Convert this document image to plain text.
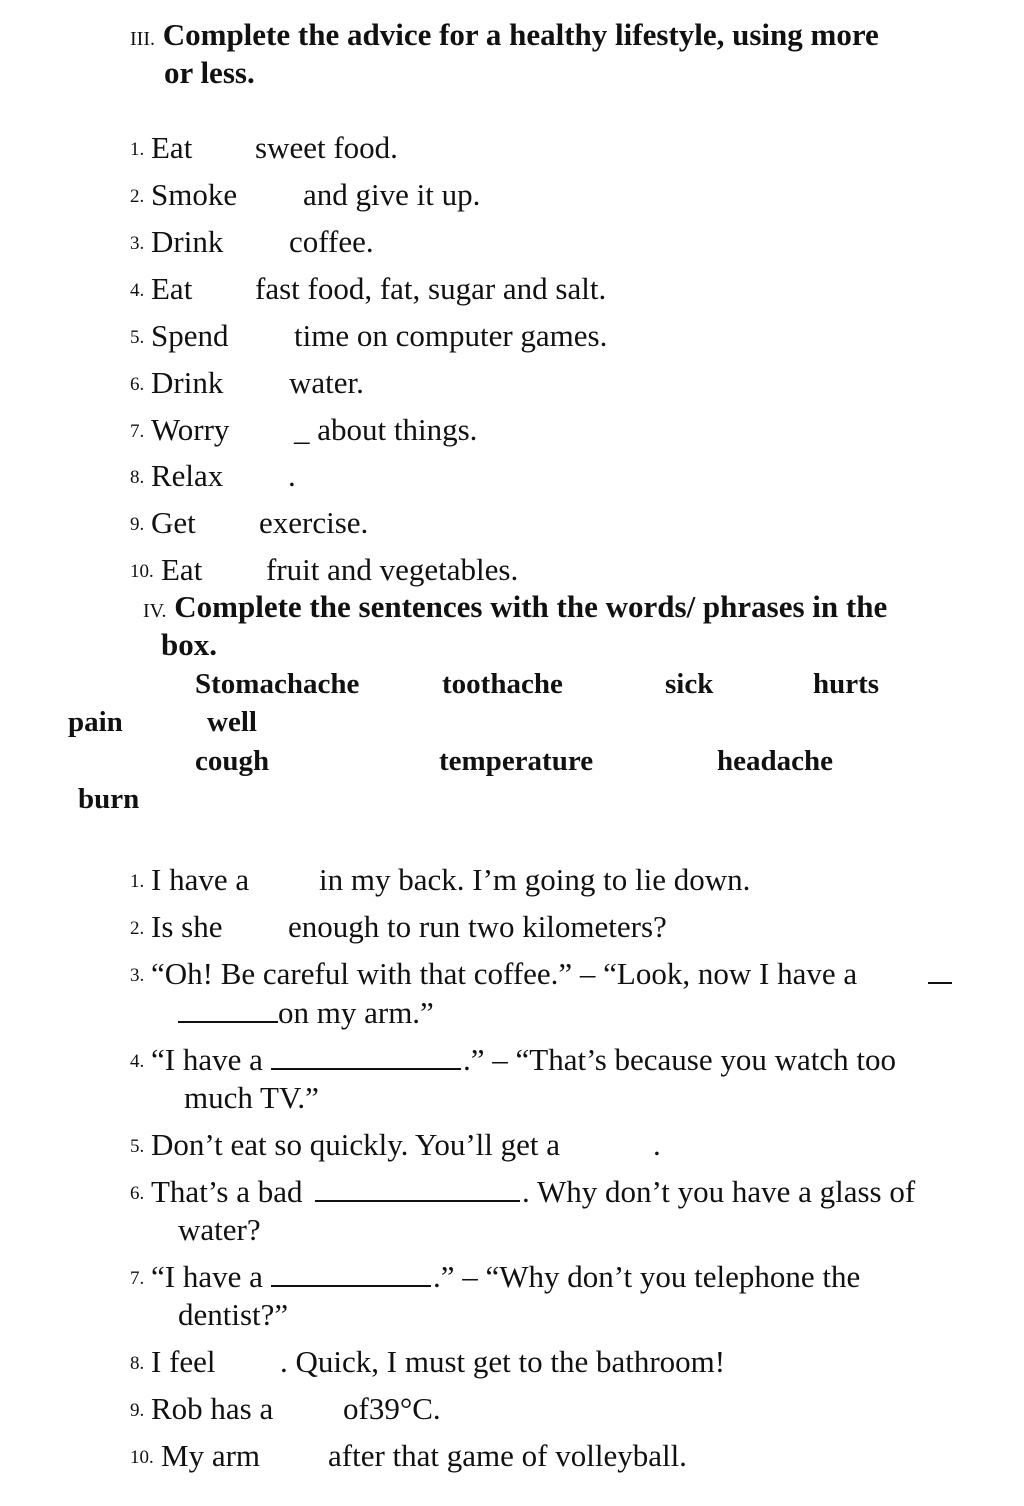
III. Complete the advice for a healthy lifestyle, using more
or less.
1. Eat sweet food.
2. Smoke and give it up.
3. Drink coffee.
4. Eat fast food, fat, sugar and salt.
5. Spend time on computer games.
6. Drink water.
7. Worry _ about things.
8. Relax .
9. Get exercise.
10. Eat fruit and vegetables.
IV. Complete the sentences with the words/ phrases in the
box.
Stomachache	toothache	sick	hurts
pain	well
cough	temperature	headache
burn
1. I have a in my back. I’m going to lie down.
2. Is she enough to run two kilometers?
3. “Oh! Be careful with that coffee.” – “Look, now I have a
on my arm.”
4. “I have a	.” – “That’s because you watch too
much TV.”
5. Don’t eat so quickly. You’ll get a	.
6. That’s a bad	. Why don’t you have a glass of
water?
7. “I have a	.” – “Why don’t you telephone the
dentist?”
8. I feel . Quick, I must get to the bathroom!
9. Rob has a of39°C.
10. My arm after that game of volleyball.
